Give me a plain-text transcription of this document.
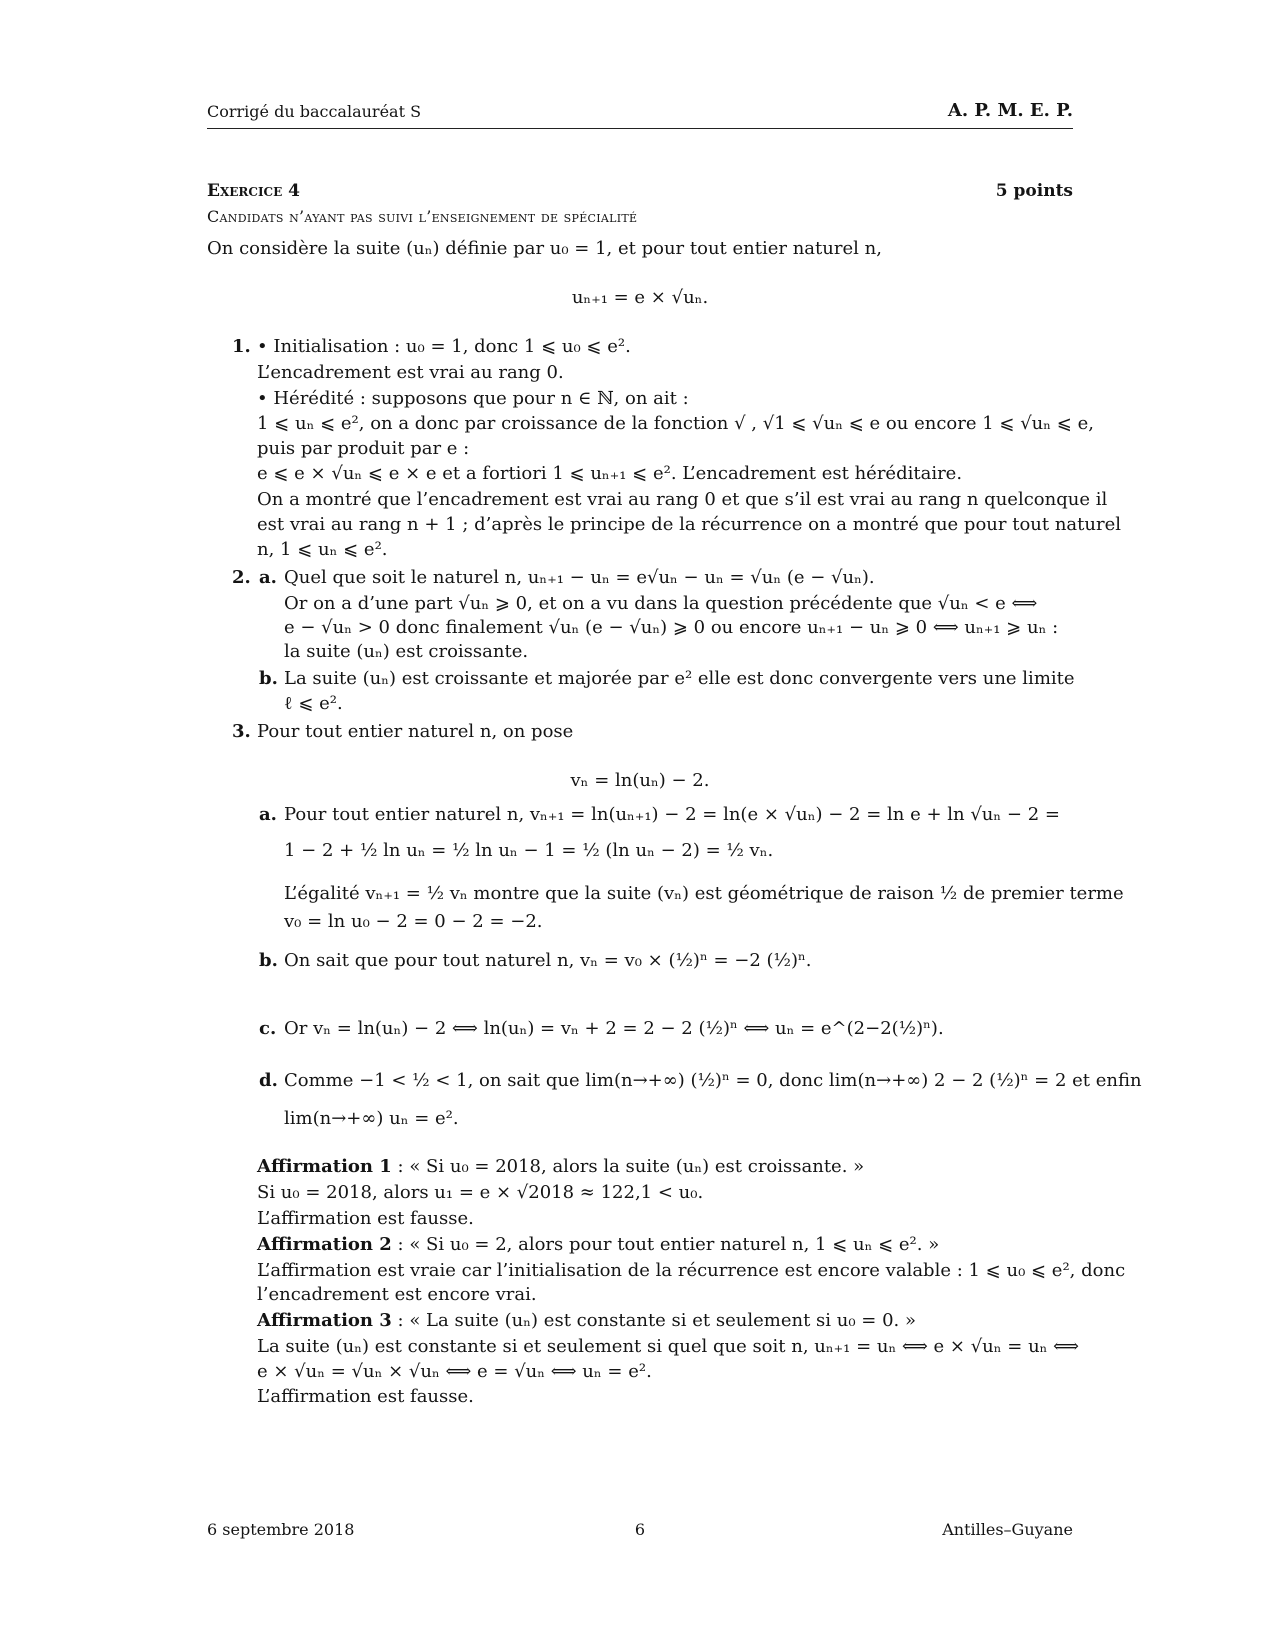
Corrigé du baccalauréat S	A. P. M. E. P.
Exercice 4	5 points
Candidats n’ayant pas suivi l’enseignement de spécialité
On considère la suite (uₙ) définie par u₀ = 1, et pour tout entier naturel n,
uₙ₊₁ = e × √uₙ.
1. • Initialisation : u₀ = 1, donc 1 ⩽ u₀ ⩽ e².
L’encadrement est vrai au rang 0.
• Hérédité : supposons que pour n ∈ ℕ, on ait :
1 ⩽ uₙ ⩽ e², on a donc par croissance de la fonction √ , √1 ⩽ √uₙ ⩽ e ou encore 1 ⩽ √uₙ ⩽ e,
puis par produit par e :
e ⩽ e × √uₙ ⩽ e × e et a fortiori 1 ⩽ uₙ₊₁ ⩽ e². L’encadrement est héréditaire.
On a montré que l’encadrement est vrai au rang 0 et que s’il est vrai au rang n quelconque il
est vrai au rang n + 1 ; d’après le principe de la récurrence on a montré que pour tout naturel
n, 1 ⩽ uₙ ⩽ e².
2. a. Quel que soit le naturel n, uₙ₊₁ − uₙ = e√uₙ − uₙ = √uₙ (e − √uₙ).
Or on a d’une part √uₙ ⩾ 0, et on a vu dans la question précédente que √uₙ < e ⟺
e − √uₙ > 0 donc finalement √uₙ (e − √uₙ) ⩾ 0 ou encore uₙ₊₁ − uₙ ⩾ 0 ⟺ uₙ₊₁ ⩾ uₙ :
la suite (uₙ) est croissante.
b. La suite (uₙ) est croissante et majorée par e² elle est donc convergente vers une limite
ℓ ⩽ e².
3. Pour tout entier naturel n, on pose
vₙ = ln(uₙ) − 2.
a. Pour tout entier naturel n, vₙ₊₁ = ln(uₙ₊₁) − 2 = ln(e × √uₙ) − 2 = ln e + ln √uₙ − 2 =
1 − 2 + ½ ln uₙ = ½ ln uₙ − 1 = ½ (ln uₙ − 2) = ½ vₙ.
L’égalité vₙ₊₁ = ½ vₙ montre que la suite (vₙ) est géométrique de raison ½ de premier terme
v₀ = ln u₀ − 2 = 0 − 2 = −2.
b. On sait que pour tout naturel n, vₙ = v₀ × (½)ⁿ = −2 (½)ⁿ.
c. Or vₙ = ln(uₙ) − 2 ⟺ ln(uₙ) = vₙ + 2 = 2 − 2 (½)ⁿ ⟺ uₙ = e^(2−2(½)ⁿ).
d. Comme −1 < ½ < 1, on sait que lim(n→+∞) (½)ⁿ = 0, donc lim(n→+∞) 2 − 2 (½)ⁿ = 2 et enfin
lim(n→+∞) uₙ = e².
Affirmation 1 : « Si u₀ = 2018, alors la suite (uₙ) est croissante. »
Si u₀ = 2018, alors u₁ = e × √2018 ≈ 122,1 < u₀.
L’affirmation est fausse.
Affirmation 2 : « Si u₀ = 2, alors pour tout entier naturel n, 1 ⩽ uₙ ⩽ e². »
L’affirmation est vraie car l’initialisation de la récurrence est encore valable : 1 ⩽ u₀ ⩽ e², donc
l’encadrement est encore vrai.
Affirmation 3 : « La suite (uₙ) est constante si et seulement si u₀ = 0. »
La suite (uₙ) est constante si et seulement si quel que soit n, uₙ₊₁ = uₙ ⟺ e × √uₙ = uₙ ⟺
e × √uₙ = √uₙ × √uₙ ⟺ e = √uₙ ⟺ uₙ = e².
L’affirmation est fausse.
6 septembre 2018	6	Antilles–Guyane
